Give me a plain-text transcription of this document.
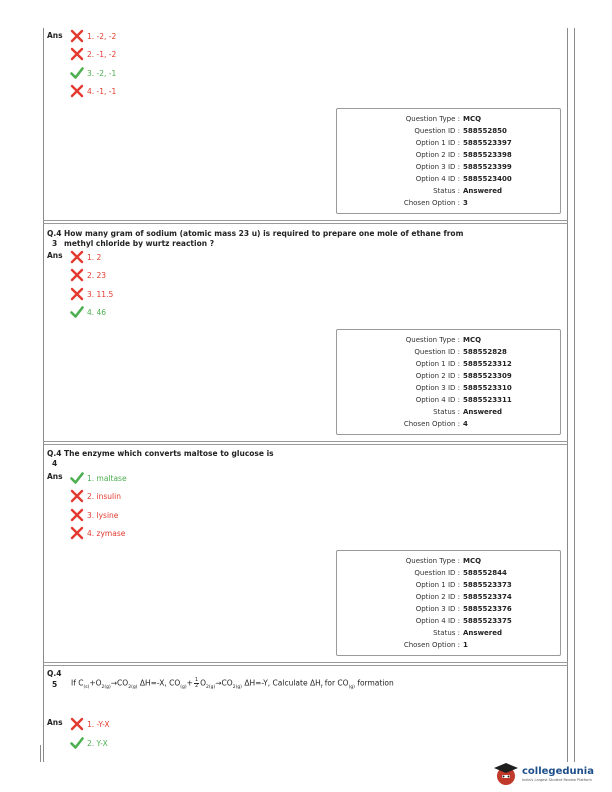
Ans	1. -2, -2
2. -1, -2
3. -2, -1
4. -1, -1
Question Type : MCQ
Question ID : 588552850
Option 1 ID : 5885523397
Option 2 ID : 5885523398
Option 3 ID : 5885523399
Option 4 ID : 5885523400
Status : Answered
Chosen Option : 3
Q.4 How many gram of sodium (atomic mass 23 u) is required to prepare one mole of ethane from
3 methyl chloride by wurtz reaction ?
Ans	1. 2
2. 23
3. 11.5
4. 46
Question Type : MCQ
Question ID : 588552828
Option 1 ID : 5885523312
Option 2 ID : 5885523309
Option 3 ID : 5885523310
Option 4 ID : 5885523311
Status : Answered
Chosen Option : 4
Q.4 The enzyme which converts maltose to glucose is
4
Ans	1. maltase
2. insulin
3. lysine
4. zymase
Question Type : MCQ
Question ID : 588552844
Option 1 ID : 5885523373
Option 2 ID : 5885523374
Option 3 ID : 5885523376
Option 4 ID : 5885523375
Status : Answered
Chosen Option : 1
Q.4
5 If $C_{(s)}+O_{2(g)}\to CO_{2(g)}$ ΔH=-X, $CO_{(g)}+ \frac{1}{2} O_{2(g)}\to CO_{2(g)}$ ΔH=-Y, Calculate $\Delta H_f$ for $CO_{(g)}$ formation
Ans	1. -Y-X
2. Y-X
collegedunia
India's Largest Student Review Platform
